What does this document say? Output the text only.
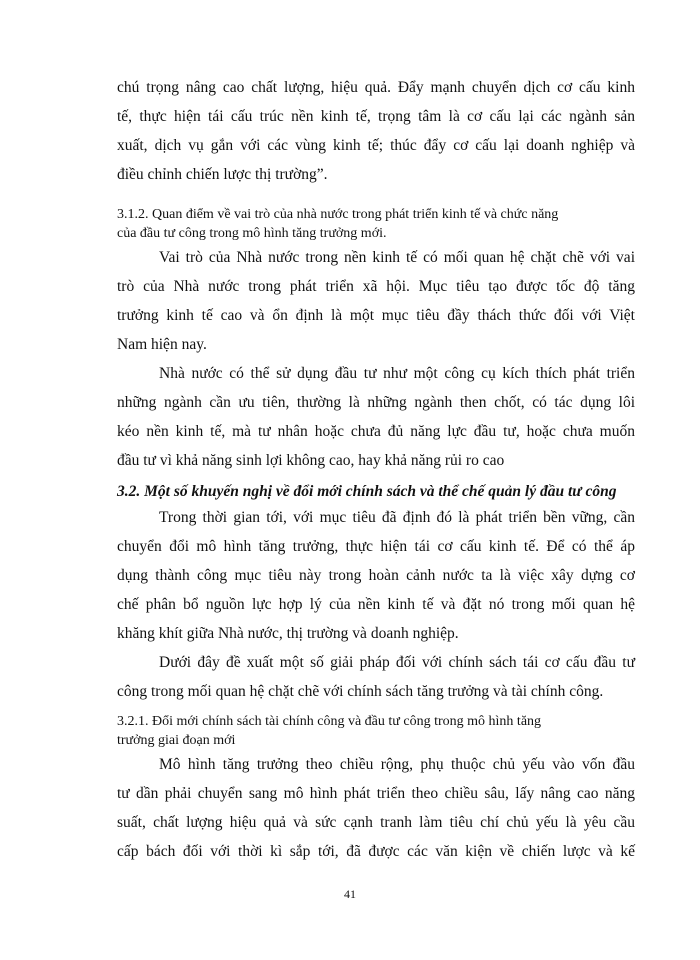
chú trọng nâng cao chất lượng, hiệu quả. Đẩy mạnh chuyển dịch cơ cấu kinh
tế, thực hiện tái cấu trúc nền kinh tế, trọng tâm là cơ cấu lại các ngành sản
xuất, dịch vụ gắn với các vùng kinh tế; thúc đẩy cơ cấu lại doanh nghiệp và
điều chỉnh chiến lược thị trường”.
3.1.2. Quan điểm về vai trò của nhà nước trong phát triển kinh tế và chức năng
của đầu tư công trong mô hình tăng trưởng mới.
Vai trò của Nhà nước trong nền kinh tế có mối quan hệ chặt chẽ với vai
trò của Nhà nước trong phát triển xã hội. Mục tiêu tạo được tốc độ tăng
trưởng kinh tế cao và ổn định là một mục tiêu đầy thách thức đối với Việt
Nam hiện nay.
Nhà nước có thể sử dụng đầu tư như một công cụ kích thích phát triển
những ngành cần ưu tiên, thường là những ngành then chốt, có tác dụng lôi
kéo nền kinh tế, mà tư nhân hoặc chưa đủ năng lực đầu tư, hoặc chưa muốn
đầu tư vì khả năng sinh lợi không cao, hay khả năng rủi ro cao
3.2. Một số khuyến nghị về đổi mới chính sách và thể chế quản lý đầu tư công
Trong thời gian tới, với mục tiêu đã định đó là phát triển bền vững, cần
chuyển đổi mô hình tăng trưởng, thực hiện tái cơ cấu kinh tế. Để có thể áp
dụng thành công mục tiêu này trong hoàn cảnh nước ta là việc xây dựng cơ
chế phân bổ nguồn lực hợp lý của nền kinh tế và đặt nó trong mối quan hệ
khăng khít giữa Nhà nước, thị trường và doanh nghiệp.
Dưới đây đề xuất một số giải pháp đối với chính sách tái cơ cấu đầu tư
công trong mối quan hệ chặt chẽ với chính sách tăng trưởng và tài chính công.
3.2.1. Đổi mới chính sách tài chính công và đầu tư công trong mô hình tăng
trưởng giai đoạn mới
Mô hình tăng trưởng theo chiều rộng, phụ thuộc chủ yếu vào vốn đầu
tư dần phải chuyển sang mô hình phát triển theo chiều sâu, lấy nâng cao năng
suất, chất lượng hiệu quả và sức cạnh tranh làm tiêu chí chủ yếu là yêu cầu
cấp bách đối với thời kì sắp tới, đã được các văn kiện về chiến lược và kế
41
